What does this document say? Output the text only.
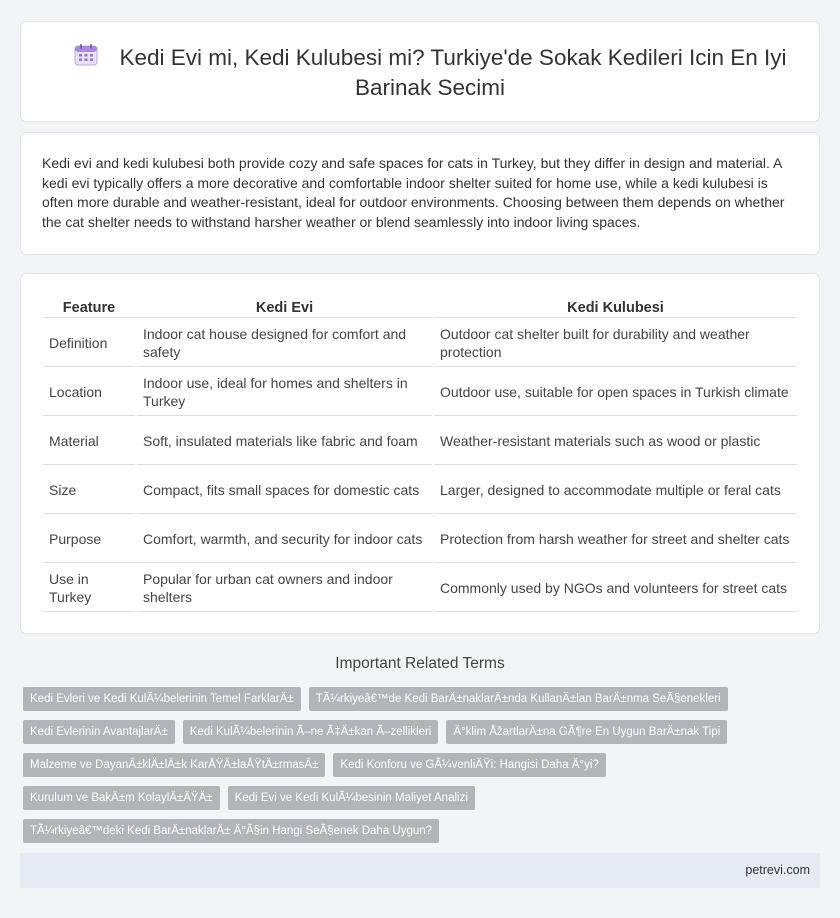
Kedi Evi mi, Kedi Kulubesi mi? Turkiye'de Sokak Kedileri Icin En Iyi Barinak Secimi

Kedi evi and kedi kulubesi both provide cozy and safe spaces for cats in Turkey, but they differ in design and material. A kedi evi typically offers a more decorative and comfortable indoor shelter suited for home use, while a kedi kulubesi is often more durable and weather-resistant, ideal for outdoor environments. Choosing between them depends on whether the cat shelter needs to withstand harsher weather or blend seamlessly into indoor living spaces.

Feature	Kedi Evi	Kedi Kulubesi
Definition	Indoor cat house designed for comfort and safety	Outdoor cat shelter built for durability and weather protection
Location	Indoor use, ideal for homes and shelters in Turkey	Outdoor use, suitable for open spaces in Turkish climate
Material	Soft, insulated materials like fabric and foam	Weather-resistant materials such as wood or plastic
Size	Compact, fits small spaces for domestic cats	Larger, designed to accommodate multiple or feral cats
Purpose	Comfort, warmth, and security for indoor cats	Protection from harsh weather for street and shelter cats
Use in Turkey	Popular for urban cat owners and indoor shelters	Commonly used by NGOs and volunteers for street cats
Important Related Terms
Kedi Evleri ve Kedi KulÃ¼belerinin Temel FarklarÄ±	TÃ¼rkiyeâ€™de Kedi BarÄ±naklarÄ±nda KullanÄ±lan BarÄ±nma SeÃ§enekleri
Kedi Evlerinin AvantajlarÄ±	Kedi KulÃ¼belerinin Ã–ne Ã‡Ä±kan Ã–zellikleri	Ä°klim ÅžartlarÄ±na GÃ¶re En Uygun BarÄ±nak Tipi
Malzeme ve DayanÄ±klÄ±lÄ±k KarÅŸÄ±laÅŸtÄ±rmasÄ±	Kedi Konforu ve GÃ¼venliÄŸi: Hangisi Daha Ä°yi?
Kurulum ve BakÄ±m KolaylÄ±ÄŸÄ±	Kedi Evi ve Kedi KulÃ¼besinin Maliyet Analizi
TÃ¼rkiyeâ€™deki Kedi BarÄ±naklarÄ± Ä°Ã§in Hangi SeÃ§enek Daha Uygun?
petrevi.com
